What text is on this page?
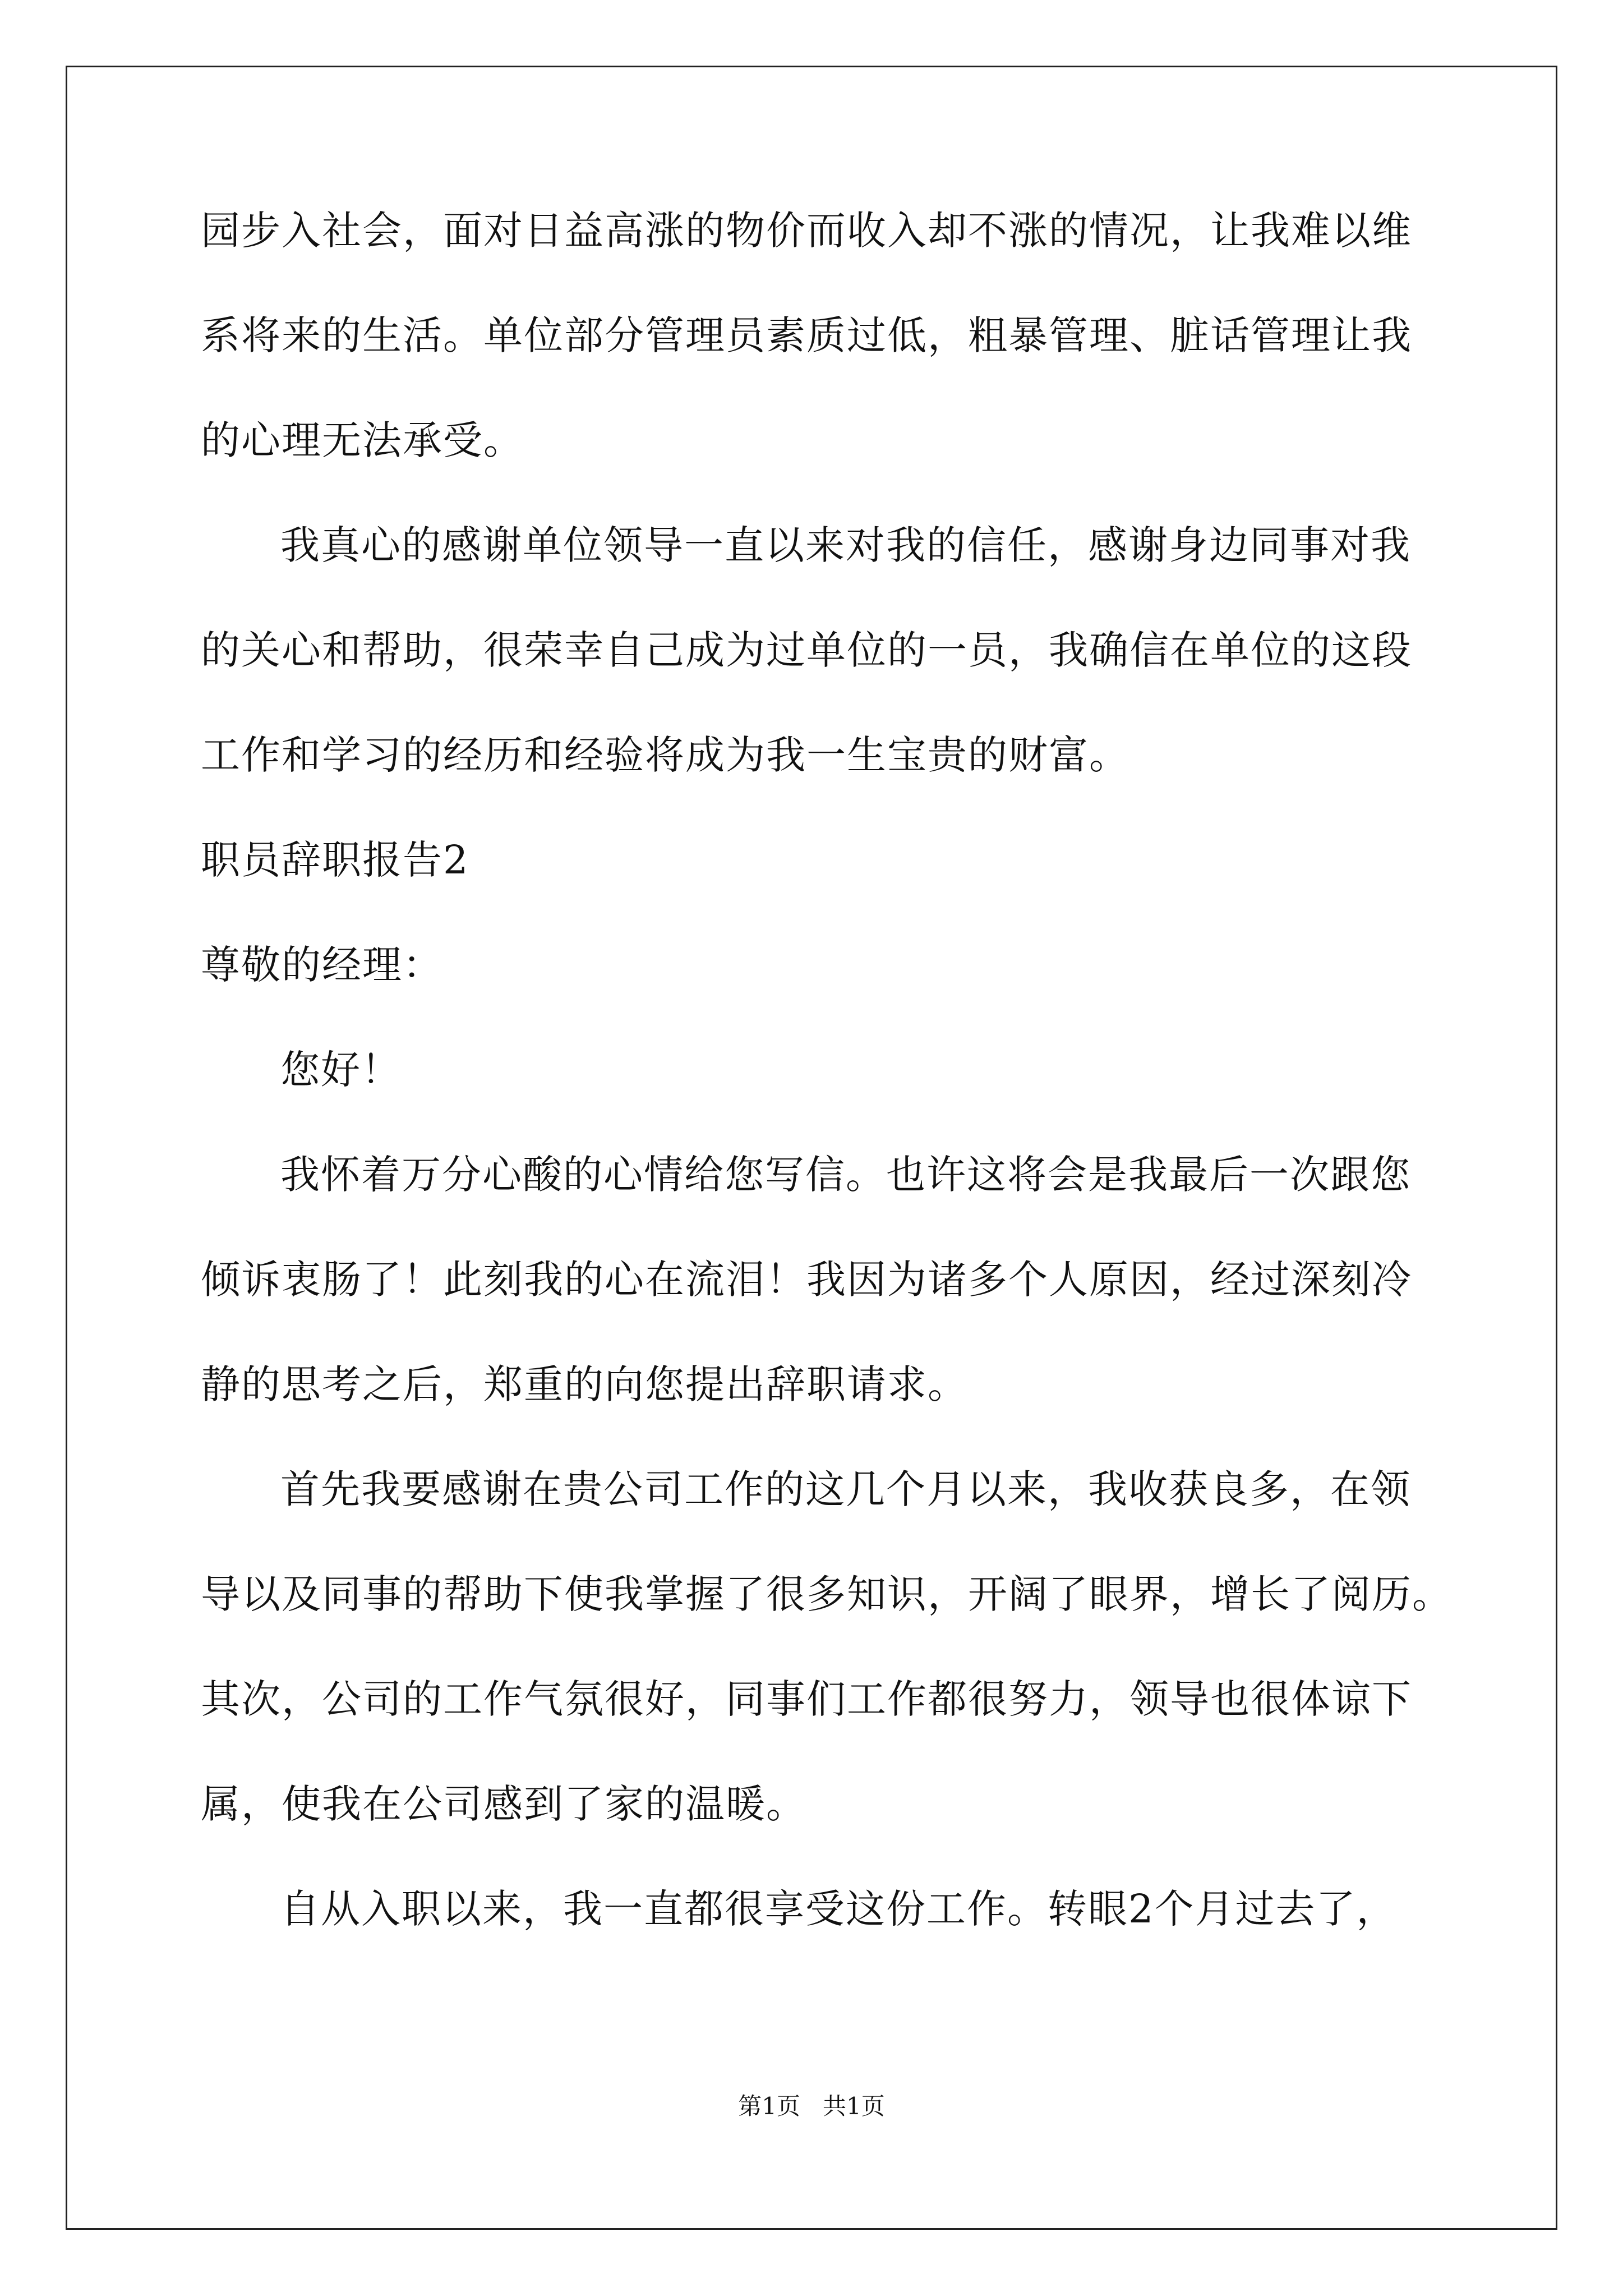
园步入社会，面对日益高涨的物价而收入却不涨的情况，让我难以维
系将来的生活。单位部分管理员素质过低，粗暴管理、脏话管理让我
的心理无法承受。
我真心的感谢单位领导一直以来对我的信任，感谢身边同事对我
的关心和帮助，很荣幸自己成为过单位的一员，我确信在单位的这段
工作和学习的经历和经验将成为我一生宝贵的财富。
职员辞职报告2
尊敬的经理：
您好！
我怀着万分心酸的心情给您写信。也许这将会是我最后一次跟您
倾诉衷肠了！此刻我的心在流泪！我因为诸多个人原因，经过深刻冷
静的思考之后，郑重的向您提出辞职请求。
首先我要感谢在贵公司工作的这几个月以来，我收获良多，在领
导以及同事的帮助下使我掌握了很多知识，开阔了眼界，增长了阅历。
其次，公司的工作气氛很好，同事们工作都很努力，领导也很体谅下
属，使我在公司感到了家的温暖。
自从入职以来，我一直都很享受这份工作。转眼2个月过去了，
第1页   共1页
